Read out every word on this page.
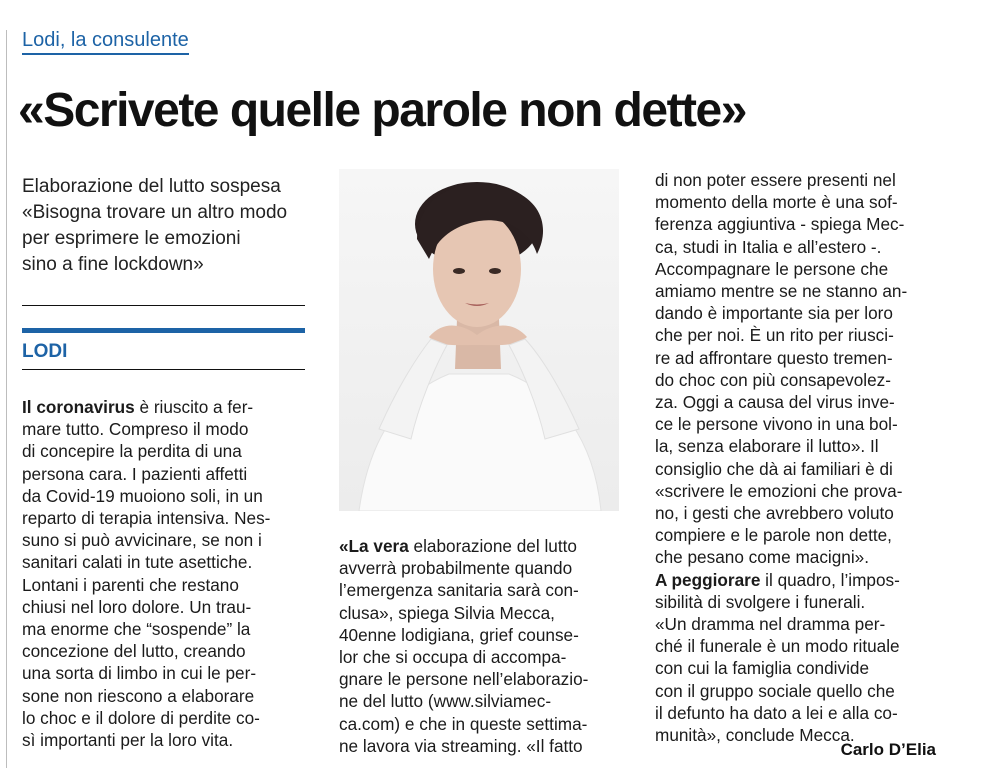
Lodi, la consulente

«Scrivete quelle parole non dette»
Elaborazione del lutto sospesa
«Bisogna trovare un altro modo
per esprimere le emozioni
sino a fine lockdown»

LODI

Il coronavirus è riuscito a fer-
mare tutto. Compreso il modo
di concepire la perdita di una
persona cara. I pazienti affetti
da Covid-19 muoiono soli, in un
reparto di terapia intensiva. Nes-
suno si può avvicinare, se non i
sanitari calati in tute asettiche.
Lontani i parenti che restano
chiusi nel loro dolore. Un trau-
ma enorme che “sospende” la
concezione del lutto, creando
una sorta di limbo in cui le per-
sone non riescono a elaborare
lo choc e il dolore di perdite co-
sì importanti per la loro vita.
«La vera elaborazione del lutto
avverrà probabilmente quando
l’emergenza sanitaria sarà con-
clusa», spiega Silvia Mecca,
40enne lodigiana, grief counse-
lor che si occupa di accompa-
gnare le persone nell’elaborazio-
ne del lutto (www.silviamec-
ca.com) e che in queste settima-
ne lavora via streaming. «Il fatto
di non poter essere presenti nel
momento della morte è una sof-
ferenza aggiuntiva - spiega Mec-
ca, studi in Italia e all’estero -.
Accompagnare le persone che
amiamo mentre se ne stanno an-
dando è importante sia per loro
che per noi. È un rito per riusci-
re ad affrontare questo tremen-
do choc con più consapevolez-
za. Oggi a causa del virus inve-
ce le persone vivono in una bol-
la, senza elaborare il lutto». Il
consiglio che dà ai familiari è di
«scrivere le emozioni che prova-
no, i gesti che avrebbero voluto
compiere e le parole non dette,
che pesano come macigni».
A peggiorare il quadro, l’impos-
sibilità di svolgere i funerali.
«Un dramma nel dramma per-
ché il funerale è un modo rituale
con cui la famiglia condivide
con il gruppo sociale quello che
il defunto ha dato a lei e alla co-
munità», conclude Mecca.

Carlo D’Elia
